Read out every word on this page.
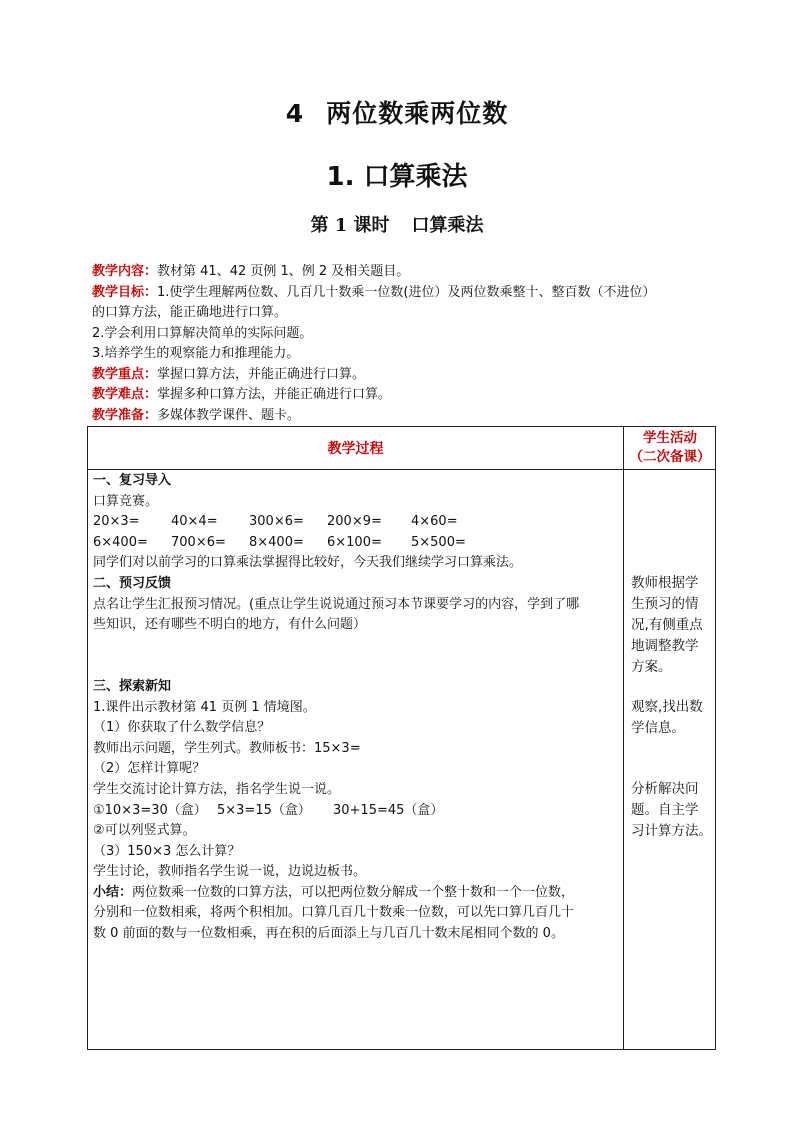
4 两位数乘两位数
1. 口算乘法
第 1 课时 口算乘法

教学内容：教材第 41、42 页例 1、例 2 及相关题目。

教学目标：1.使学生理解两位数、几百几十数乘一位数(进位）及两位数乘整十、整百数（不进位）

的口算方法，能正确地进行口算。

2.学会利用口算解决简单的实际问题。

3.培养学生的观察能力和推理能力。

教学重点：掌握口算方法，并能正确进行口算。

教学难点：掌握多种口算方法，并能正确进行口算。

教学准备：多媒体教学课件、题卡。

教学过程
学生活动
（二次备课）

一、复习导入

口算竞赛。

20×3= 40×4= 300×6= 200×9= 4×60=

6×400= 700×6= 8×400= 6×100= 5×500=

同学们对以前学习的口算乘法掌握得比较好，今天我们继续学习口算乘法。

二、预习反馈

点名让学生汇报预习情况。(重点让学生说说通过预习本节课要学习的内容，学到了哪

些知识，还有哪些不明白的地方，有什么问题）

三、探索新知

1.课件出示教材第 41 页例 1 情境图。

（1）你获取了什么数学信息？

教师出示问题，学生列式。教师板书：15×3=

（2）怎样计算呢？

学生交流讨论计算方法，指名学生说一说。

①10×3=30（盒） 5×3=15（盒） 30+15=45（盒）

②可以列竖式算。

（3）150×3 怎么计算？

学生讨论，教师指名学生说一说，边说边板书。

小结：两位数乘一位数的口算方法，可以把两位数分解成一个整十数和一个一位数，

分别和一位数相乘，将两个积相加。口算几百几十数乘一位数，可以先口算几百几十

数 0 前面的数与一位数相乘，再在积的后面添上与几百几十数末尾相同个数的 0。

教师根据学

生预习的情

况,有侧重点

地调整教学

方案。

观察,找出数

学信息。

分析解决问

题。自主学

习计算方法。
